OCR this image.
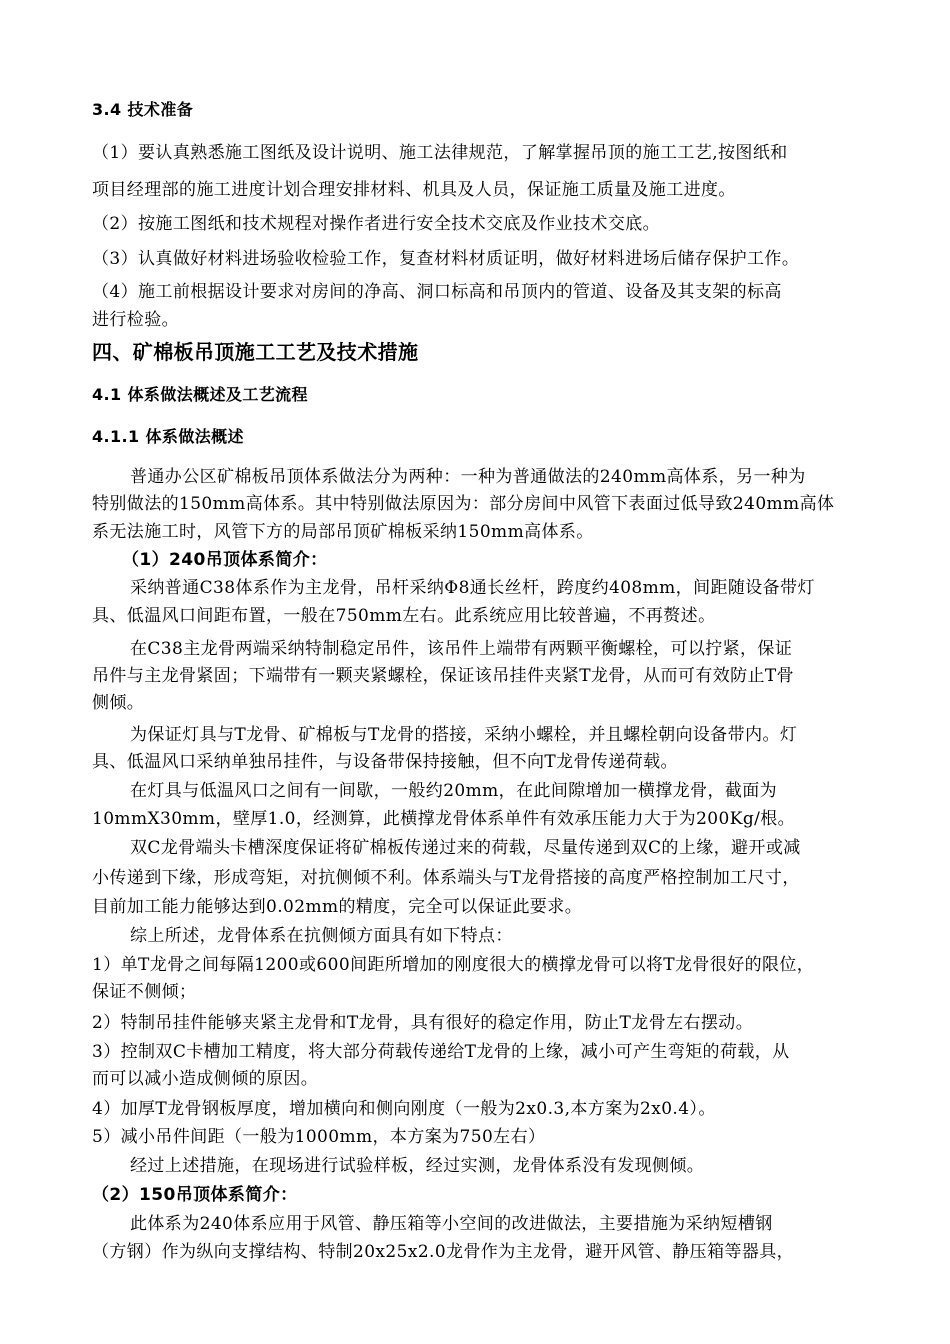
3.4 技术准备
（1）要认真熟悉施工图纸及设计说明、施工法律规范，了解掌握吊顶的施工工艺,按图纸和
项目经理部的施工进度计划合理安排材料、机具及人员，保证施工质量及施工进度。
（2）按施工图纸和技术规程对操作者进行安全技术交底及作业技术交底。
（3）认真做好材料进场验收检验工作，复查材料材质证明，做好材料进场后储存保护工作。
（4）施工前根据设计要求对房间的净高、洞口标高和吊顶内的管道、设备及其支架的标高
进行检验。
四、矿棉板吊顶施工工艺及技术措施
4.1 体系做法概述及工艺流程
4.1.1 体系做法概述
普通办公区矿棉板吊顶体系做法分为两种：一种为普通做法的240mm高体系，另一种为
特别做法的150mm高体系。其中特别做法原因为：部分房间中风管下表面过低导致240mm高体
系无法施工时，风管下方的局部吊顶矿棉板采纳150mm高体系。
（1）240吊顶体系简介：
采纳普通C38体系作为主龙骨，吊杆采纳Φ8通长丝杆，跨度约408mm，间距随设备带灯
具、低温风口间距布置，一般在750mm左右。此系统应用比较普遍，不再赘述。
在C38主龙骨两端采纳特制稳定吊件，该吊件上端带有两颗平衡螺栓，可以拧紧，保证
吊件与主龙骨紧固；下端带有一颗夹紧螺栓，保证该吊挂件夹紧T龙骨，从而可有效防止T骨
侧倾。
为保证灯具与T龙骨、矿棉板与T龙骨的搭接，采纳小螺栓，并且螺栓朝向设备带内。灯
具、低温风口采纳单独吊挂件，与设备带保持接触，但不向T龙骨传递荷载。
在灯具与低温风口之间有一间歇，一般约20mm，在此间隙增加一横撑龙骨，截面为
10mmX30mm，壁厚1.0，经测算，此横撑龙骨体系单件有效承压能力大于为200Kg/根。
双C龙骨端头卡槽深度保证将矿棉板传递过来的荷载，尽量传递到双C的上缘，避开或减
小传递到下缘，形成弯矩，对抗侧倾不利。体系端头与T龙骨搭接的高度严格控制加工尺寸，
目前加工能力能够达到0.02mm的精度，完全可以保证此要求。
综上所述，龙骨体系在抗侧倾方面具有如下特点：
1）单T龙骨之间每隔1200或600间距所增加的刚度很大的横撑龙骨可以将T龙骨很好的限位，
保证不侧倾；
2）特制吊挂件能够夹紧主龙骨和T龙骨，具有很好的稳定作用，防止T龙骨左右摆动。
3）控制双C卡槽加工精度，将大部分荷载传递给T龙骨的上缘，减小可产生弯矩的荷载，从
而可以减小造成侧倾的原因。
4）加厚T龙骨钢板厚度，增加横向和侧向刚度（一般为2x0.3,本方案为2x0.4）。
5）减小吊件间距（一般为1000mm，本方案为750左右）
经过上述措施，在现场进行试验样板，经过实测，龙骨体系没有发现侧倾。
（2）150吊顶体系简介：
此体系为240体系应用于风管、静压箱等小空间的改进做法，主要措施为采纳短槽钢
（方钢）作为纵向支撑结构、特制20x25x2.0龙骨作为主龙骨，避开风管、静压箱等器具，
